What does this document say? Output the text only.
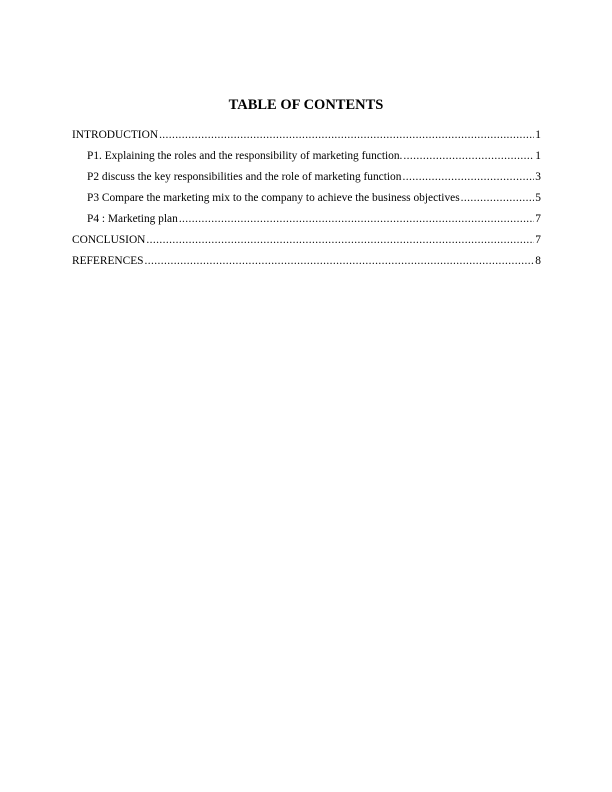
TABLE OF CONTENTS
INTRODUCTION .....	1
P1. Explaining the roles and the responsibility of marketing function. .....	1
P2 discuss the key responsibilities and the role of marketing function .....	3
P3 Compare the marketing mix to the company to achieve the business objectives .....	5
P4 : Marketing plan .....	7
CONCLUSION .....	7
REFERENCES .....	8
